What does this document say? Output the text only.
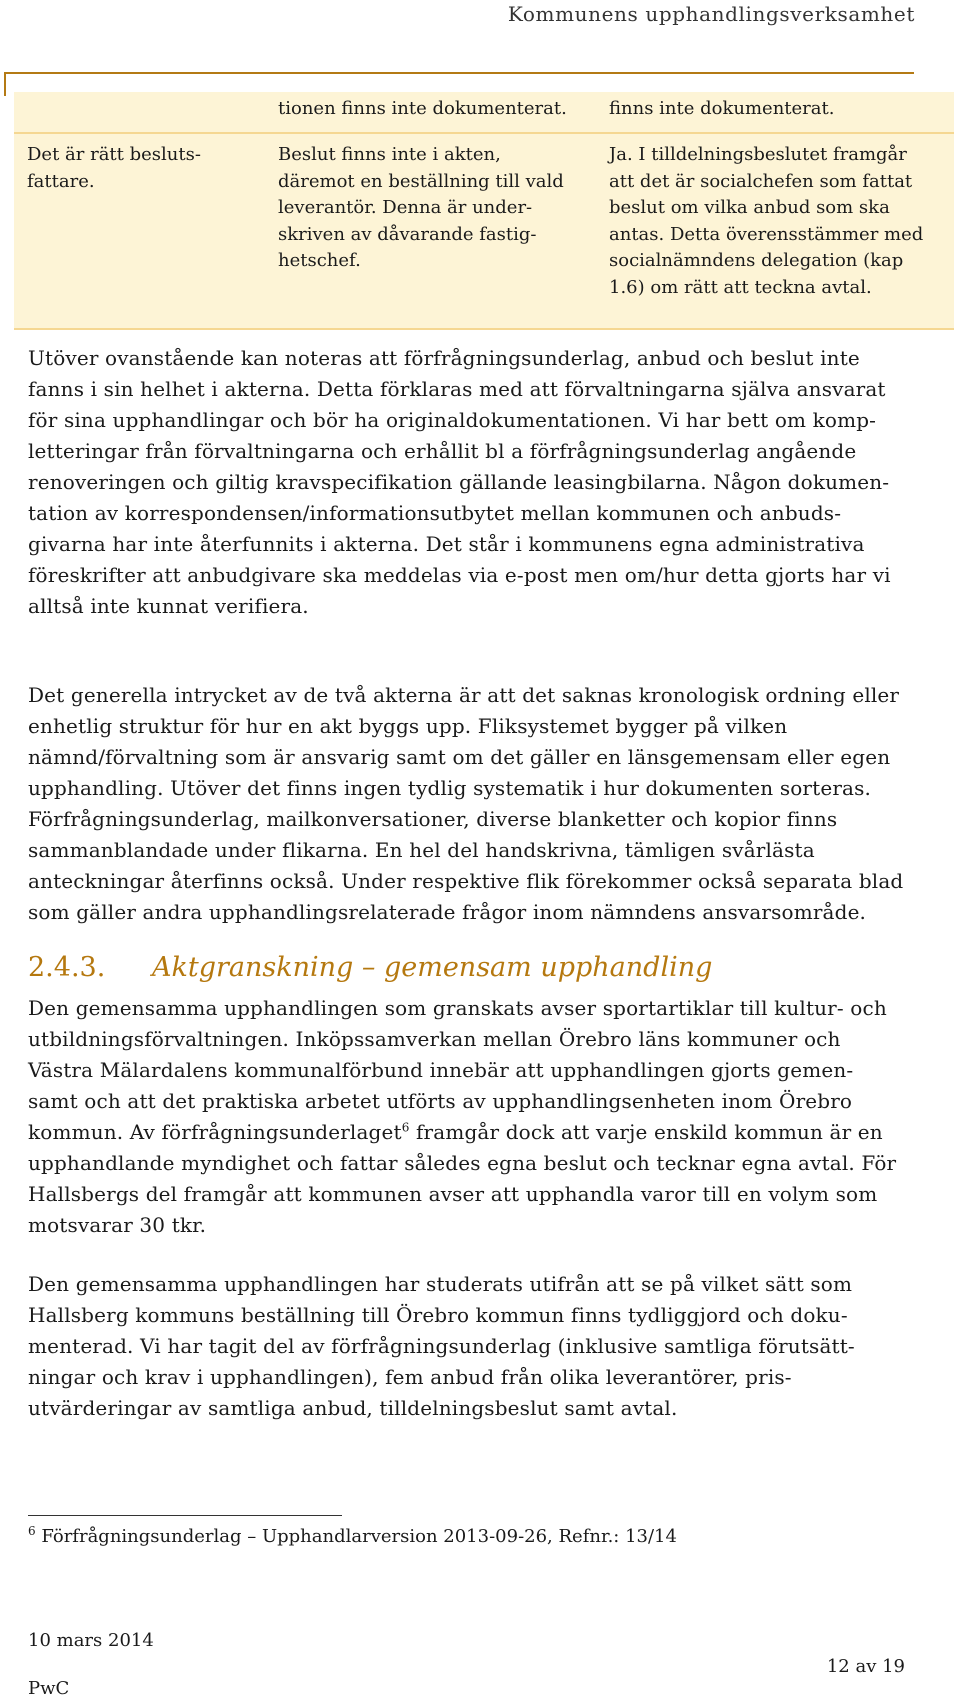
Kommunens upphandlingsverksamhet
tionen finns inte dokumenterat.	finns inte dokumenterat.
Det är rätt besluts-
fattare.
Beslut finns inte i akten,
däremot en beställning till vald
leverantör. Denna är under-
skriven av dåvarande fastig-
hetschef.
Ja. I tilldelningsbeslutet framgår
att det är socialchefen som fattat
beslut om vilka anbud som ska
antas. Detta överensstämmer med
socialnämndens delegation (kap
1.6) om rätt att teckna avtal.
Utöver ovanstående kan noteras att förfrågningsunderlag, anbud och beslut inte
fanns i sin helhet i akterna. Detta förklaras med att förvaltningarna själva ansvarat
för sina upphandlingar och bör ha originaldokumentationen. Vi har bett om komp-
letteringar från förvaltningarna och erhållit bl a förfrågningsunderlag angående
renoveringen och giltig kravspecifikation gällande leasingbilarna. Någon dokumen-
tation av korrespondensen/informationsutbytet mellan kommunen och anbuds-
givarna har inte återfunnits i akterna. Det står i kommunens egna administrativa
föreskrifter att anbudgivare ska meddelas via e-post men om/hur detta gjorts har vi
alltså inte kunnat verifiera.
Det generella intrycket av de två akterna är att det saknas kronologisk ordning eller
enhetlig struktur för hur en akt byggs upp. Fliksystemet bygger på vilken
nämnd/förvaltning som är ansvarig samt om det gäller en länsgemensam eller egen
upphandling. Utöver det finns ingen tydlig systematik i hur dokumenten sorteras.
Förfrågningsunderlag, mailkonversationer, diverse blanketter och kopior finns
sammanblandade under flikarna. En hel del handskrivna, tämligen svårlästa
anteckningar återfinns också. Under respektive flik förekommer också separata blad
som gäller andra upphandlingsrelaterade frågor inom nämndens ansvarsområde.
2.4.3. Aktgranskning – gemensam upphandling
Den gemensamma upphandlingen som granskats avser sportartiklar till kultur- och
utbildningsförvaltningen. Inköpssamverkan mellan Örebro läns kommuner och
Västra Mälardalens kommunalförbund innebär att upphandlingen gjorts gemen-
samt och att det praktiska arbetet utförts av upphandlingsenheten inom Örebro
kommun. Av förfrågningsunderlaget$^6$ framgår dock att varje enskild kommun är en
upphandlande myndighet och fattar således egna beslut och tecknar egna avtal. För
Hallsbergs del framgår att kommunen avser att upphandla varor till en volym som
motsvarar 30 tkr.
Den gemensamma upphandlingen har studerats utifrån att se på vilket sätt som
Hallsberg kommuns beställning till Örebro kommun finns tydliggjord och doku-
menterad. Vi har tagit del av förfrågningsunderlag (inklusive samtliga förutsätt-
ningar och krav i upphandlingen), fem anbud från olika leverantörer, pris-
utvärderingar av samtliga anbud, tilldelningsbeslut samt avtal.
$^6$ Förfrågningsunderlag – Upphandlarversion 2013-09-26, Refnr.: 13/14
10 mars 2014
PwC
12 av 19
